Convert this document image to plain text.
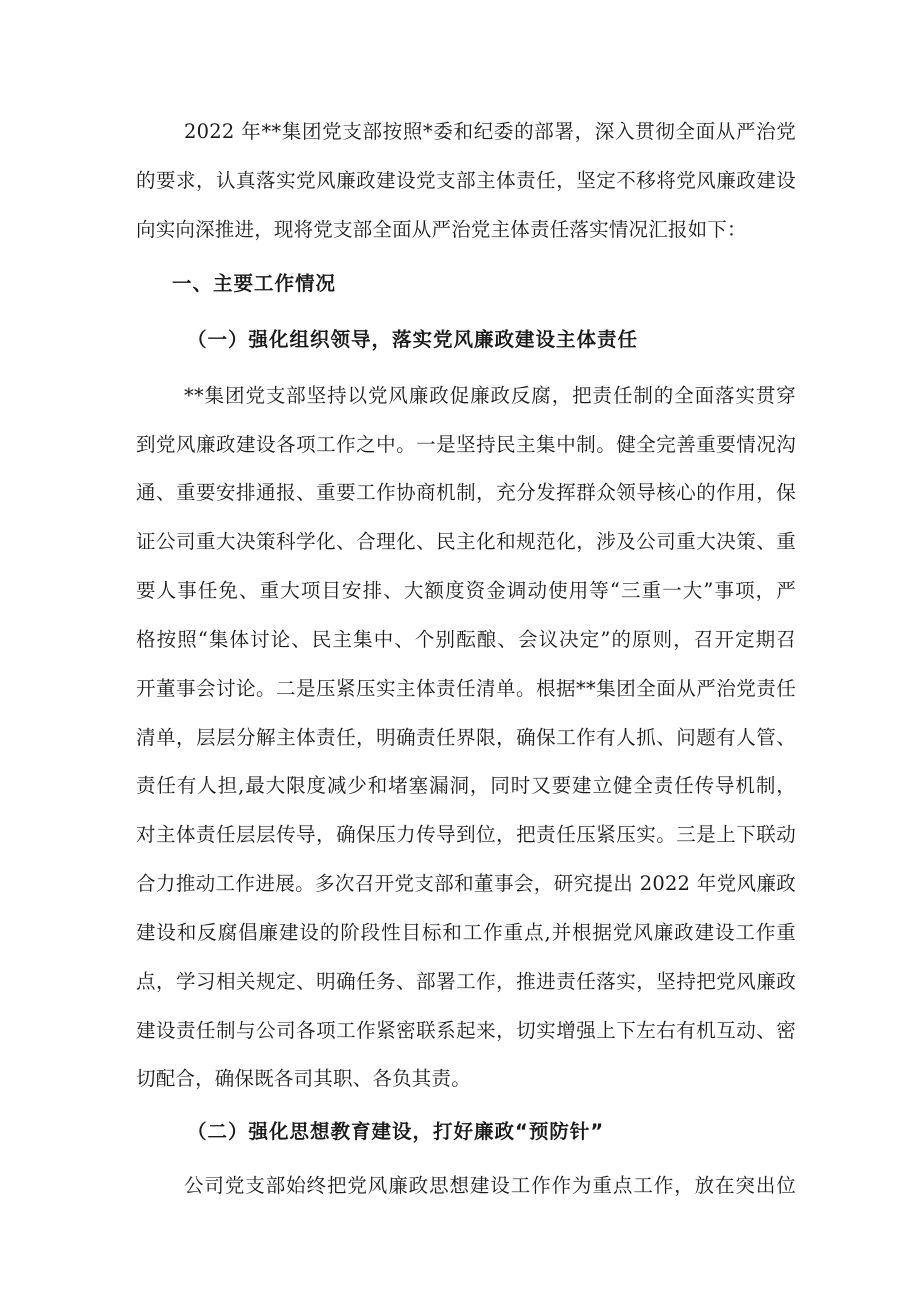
2022 年**集团党支部按照*委和纪委的部署，深入贯彻全面从严治党
的要求，认真落实党风廉政建设党支部主体责任，坚定不移将党风廉政建设
向实向深推进，现将党支部全面从严治党主体责任落实情况汇报如下：
一、主要工作情况
（一）强化组织领导，落实党风廉政建设主体责任
**集团党支部坚持以党风廉政促廉政反腐，把责任制的全面落实贯穿
到党风廉政建设各项工作之中。一是坚持民主集中制。健全完善重要情况沟
通、重要安排通报、重要工作协商机制，充分发挥群众领导核心的作用，保
证公司重大决策科学化、合理化、民主化和规范化，涉及公司重大决策、重
要人事任免、重大项目安排、大额度资金调动使用等“三重一大”事项，严
格按照“集体讨论、民主集中、个别酝酿、会议决定”的原则，召开定期召
开董事会讨论。二是压紧压实主体责任清单。根据**集团全面从严治党责任
清单，层层分解主体责任，明确责任界限，确保工作有人抓、问题有人管、
责任有人担,最大限度减少和堵塞漏洞，同时又要建立健全责任传导机制，
对主体责任层层传导，确保压力传导到位，把责任压紧压实。三是上下联动
合力推动工作进展。多次召开党支部和董事会，研究提出 2022 年党风廉政
建设和反腐倡廉建设的阶段性目标和工作重点,并根据党风廉政建设工作重
点，学习相关规定、明确任务、部署工作，推进责任落实，坚持把党风廉政
建设责任制与公司各项工作紧密联系起来，切实增强上下左右有机互动、密
切配合，确保既各司其职、各负其责。
（二）强化思想教育建设，打好廉政“预防针”
公司党支部始终把党风廉政思想建设工作作为重点工作，放在突出位
